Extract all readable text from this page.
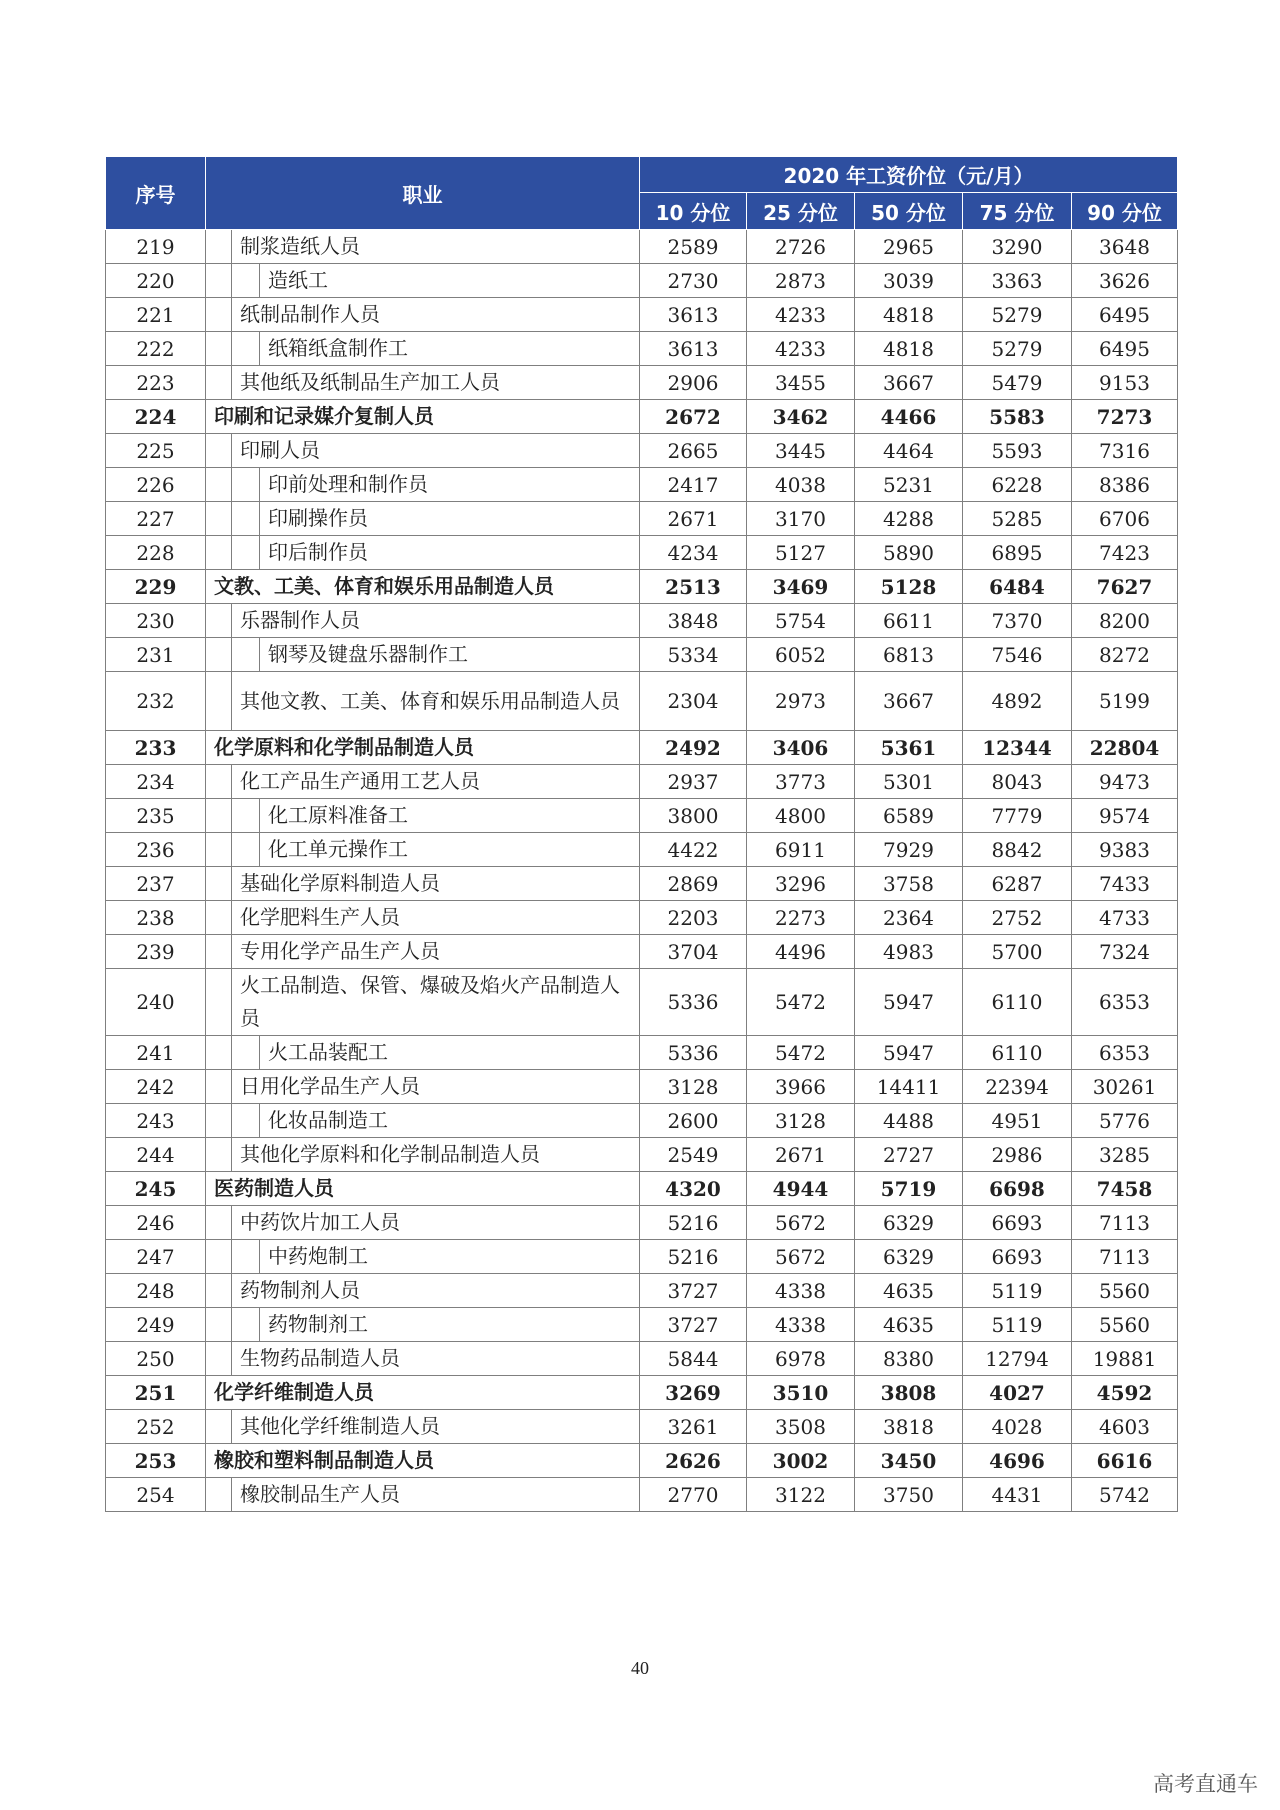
序号	职业			2020 年工资价位（元/月）				
				10 分位	25 分位	50 分位	75 分位	90 分位
219		制浆造纸人员		2589	2726	2965	3290	3648
220			造纸工	2730	2873	3039	3363	3626
221		纸制品制作人员		3613	4233	4818	5279	6495
222			纸箱纸盒制作工	3613	4233	4818	5279	6495
223		其他纸及纸制品生产加工人员		2906	3455	3667	5479	9153
224	印刷和记录媒介复制人员			2672	3462	4466	5583	7273
225		印刷人员		2665	3445	4464	5593	7316
226			印前处理和制作员	2417	4038	5231	6228	8386
227			印刷操作员	2671	3170	4288	5285	6706
228			印后制作员	4234	5127	5890	6895	7423
229	文教、工美、体育和娱乐用品制造人员			2513	3469	5128	6484	7627
230		乐器制作人员		3848	5754	6611	7370	8200
231			钢琴及键盘乐器制作工	5334	6052	6813	7546	8272
232		其他文教、工美、体育和娱乐用品制造人员		2304	2973	3667	4892	5199
233	化学原料和化学制品制造人员			2492	3406	5361	12344	22804
234		化工产品生产通用工艺人员		2937	3773	5301	8043	9473
235			化工原料准备工	3800	4800	6589	7779	9574
236			化工单元操作工	4422	6911	7929	8842	9383
237		基础化学原料制造人员		2869	3296	3758	6287	7433
238		化学肥料生产人员		2203	2273	2364	2752	4733
239		专用化学产品生产人员		3704	4496	4983	5700	7324
240		火工品制造、保管、爆破及焰火产品制造人员		5336	5472	5947	6110	6353
241			火工品装配工	5336	5472	5947	6110	6353
242		日用化学品生产人员		3128	3966	14411	22394	30261
243			化妆品制造工	2600	3128	4488	4951	5776
244		其他化学原料和化学制品制造人员		2549	2671	2727	2986	3285
245	医药制造人员			4320	4944	5719	6698	7458
246		中药饮片加工人员		5216	5672	6329	6693	7113
247			中药炮制工	5216	5672	6329	6693	7113
248		药物制剂人员		3727	4338	4635	5119	5560
249			药物制剂工	3727	4338	4635	5119	5560
250		生物药品制造人员		5844	6978	8380	12794	19881
251	化学纤维制造人员			3269	3510	3808	4027	4592
252		其他化学纤维制造人员		3261	3508	3818	4028	4603
253	橡胶和塑料制品制造人员			2626	3002	3450	4696	6616
254		橡胶制品生产人员		2770	3122	3750	4431	5742
40
高考直通车
